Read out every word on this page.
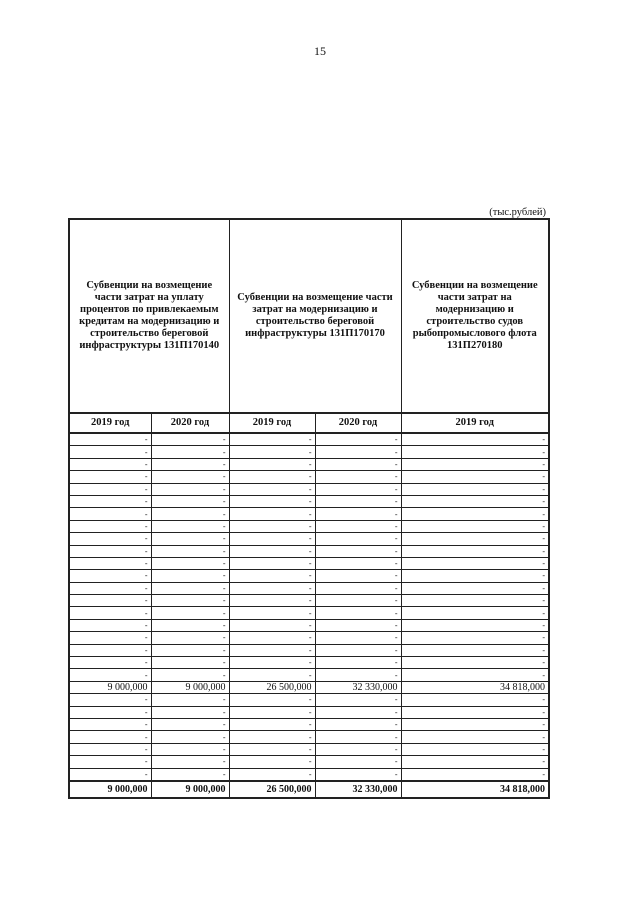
15
(тыс.рублей)
Субвенции на возмещение части затрат на уплату процентов по привлекаемым кредитам на модернизацию и строительство береговой инфраструктуры 131П170140		Субвенции на возмещение части затрат на модернизацию и строительство береговой инфраструктуры 131П170170		Субвенции на возмещение части затрат на модернизацию и строительство судов рыбопромыслового флота 131П270180
2019 год	2020 год	2019 год	2020 год	2019 год
-	-	-	-	-
-	-	-	-	-
-	-	-	-	-
-	-	-	-	-
-	-	-	-	-
-	-	-	-	-
-	-	-	-	-
-	-	-	-	-
-	-	-	-	-
-	-	-	-	-
-	-	-	-	-
-	-	-	-	-
-	-	-	-	-
-	-	-	-	-
-	-	-	-	-
-	-	-	-	-
-	-	-	-	-
-	-	-	-	-
-	-	-	-	-
-	-	-	-	-
9 000,000	9 000,000	26 500,000	32 330,000	34 818,000
-	-	-	-	-
-	-	-	-	-
-	-	-	-	-
-	-	-	-	-
-	-	-	-	-
-	-	-	-	-
-	-	-	-	-
9 000,000	9 000,000	26 500,000	32 330,000	34 818,000
